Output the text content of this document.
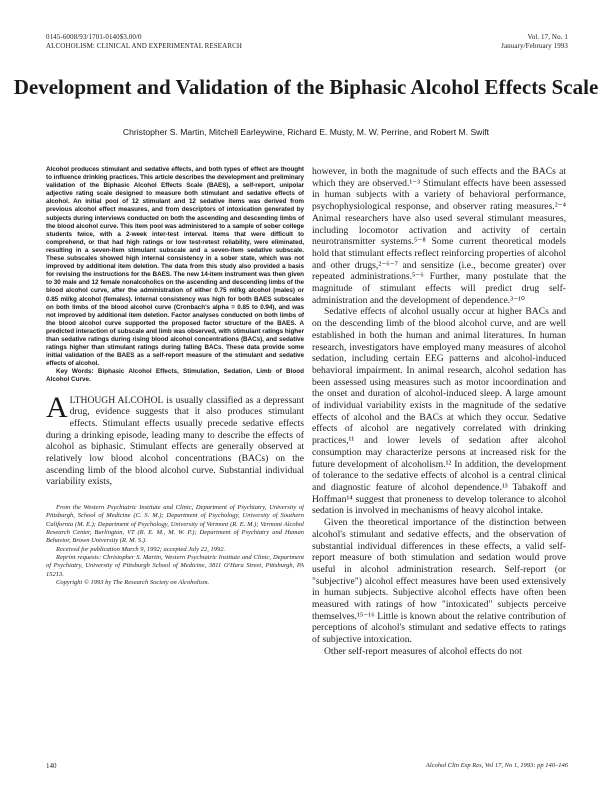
0145-6008/93/1701-0140$3.00/0
ALCOHOLISM: CLINICAL AND EXPERIMENTAL RESEARCH
Vol. 17, No. 1
January/February 1993
Development and Validation of the Biphasic Alcohol Effects Scale
Christopher S. Martin, Mitchell Earleywine, Richard E. Musty, M. W. Perrine, and Robert M. Swift

Alcohol produces stimulant and sedative effects, and both types of effect are thought to influence drinking practices. This article describes the development and preliminary validation of the Biphasic Alcohol Effects Scale (BAES), a self-report, unipolar adjective rating scale designed to measure both stimulant and sedative effects of alcohol. An initial pool of 12 stimulant and 12 sedative items was derived from previous alcohol effect measures, and from descriptors of intoxication generated by subjects during interviews conducted on both the ascending and descending limbs of the blood alcohol curve. This item pool was administered to a sample of sober college students twice, with a 2-week inter-test interval. Items that were difficult to comprehend, or that had high ratings or low test-retest reliability, were eliminated, resulting in a seven-item stimulant subscale and a seven-item sedative subscale. These subscales showed high internal consistency in a sober state, which was not improved by additional item deletion. The data from this study also provided a basis for revising the instructions for the BAES. The new 14-item instrument was then given to 30 male and 12 female nonalcoholics on the ascending and descending limbs of the blood alcohol curve, after the administration of either 0.75 ml/kg alcohol (males) or 0.85 ml/kg alcohol (females). Internal consistency was high for both BAES subscales on both limbs of the blood alcohol curve (Cronbach's alpha = 0.85 to 0.94), and was not improved by additional item deletion. Factor analyses conducted on both limbs of the blood alcohol curve supported the proposed factor structure of the BAES. A predicted interaction of subscale and limb was observed, with stimulant ratings higher than sedative ratings during rising blood alcohol concentrations (BACs), and sedative ratings higher than stimulant ratings during falling BACs. These data provide some initial validation of the BAES as a self-report measure of the stimulant and sedative effects of alcohol.

Key Words: Biphasic Alcohol Effects, Stimulation, Sedation, Limb of Blood Alcohol Curve.

ALTHOUGH ALCOHOL is usually classified as a depressant drug, evidence suggests that it also produces stimulant effects. Stimulant effects usually precede sedative effects during a drinking episode, leading many to describe the effects of alcohol as biphasic. Stimulant effects are generally observed at relatively low blood alcohol concentrations (BACs) on the ascending limb of the blood alcohol curve. Substantial individual variability exists,

From the Western Psychiatric Institute and Clinic, Department of Psychiatry, University of Pittsburgh, School of Medicine (C. S. M.); Department of Psychology, University of Southern California (M. E.); Department of Psychology, University of Vermont (R. E. M.); Vermont Alcohol Research Center, Burlington, VT (R. E. M., M. W. P.); Department of Psychiatry and Human Behavior, Brown University (R. M. S.).

Received for publication March 9, 1992; accepted July 22, 1992.

Reprint requests: Christopher S. Martin, Western Psychiatric Institute and Clinic, Department of Psychiatry, University of Pittsburgh School of Medicine, 3811 O'Hara Street, Pittsburgh, PA 15213.

Copyright © 1993 by The Research Society on Alcoholism.

however, in both the magnitude of such effects and the BACs at which they are observed.¹⁻³ Stimulant effects have been assessed in human subjects with a variety of behavioral performance, psychophysiological response, and observer rating measures.²⁻⁴ Animal researchers have also used several stimulant measures, including locomotor activation and activity of certain neurotransmitter systems.⁵⁻⁸ Some current theoretical models hold that stimulant effects reflect reinforcing properties of alcohol and other drugs,²⁻⁶⁻⁷ and sensitize (i.e., become greater) over repeated administrations.⁵⁻⁶ Further, many postulate that the magnitude of stimulant effects will predict drug self-administration and the development of dependence.³⁻¹⁰

Sedative effects of alcohol usually occur at higher BACs and on the descending limb of the blood alcohol curve, and are well established in both the human and animal literatures. In human research, investigators have employed many measures of alcohol sedation, including certain EEG patterns and alcohol-induced behavioral impairment. In animal research, alcohol sedation has been assessed using measures such as motor incoordination and the onset and duration of alcohol-induced sleep. A large amount of individual variability exists in the magnitude of the sedative effects of alcohol and the BACs at which they occur. Sedative effects of alcohol are negatively correlated with drinking practices,¹¹ and lower levels of sedation after alcohol consumption may characterize persons at increased risk for the future development of alcoholism.¹² In addition, the development of tolerance to the sedative effects of alcohol is a central clinical and diagnostic feature of alcohol dependence.¹³ Tabakoff and Hoffman¹⁴ suggest that proneness to develop tolerance to alcohol sedation is involved in mechanisms of heavy alcohol intake.

Given the theoretical importance of the distinction between alcohol's stimulant and sedative effects, and the observation of substantial individual differences in these effects, a valid self-report measure of both stimulation and sedation would prove useful in alcohol administration research. Self-report (or "subjective") alcohol effect measures have been used extensively in human subjects. Subjective alcohol effects have often been measured with ratings of how "intoxicated" subjects perceive themselves.¹⁵⁻¹⁶ Little is known about the relative contribution of perceptions of alcohol's stimulant and sedative effects to ratings of subjective intoxication.

Other self-report measures of alcohol effects do not

140	Alcohol Clin Exp Res, Vol 17, No 1, 1993: pp 140–146
